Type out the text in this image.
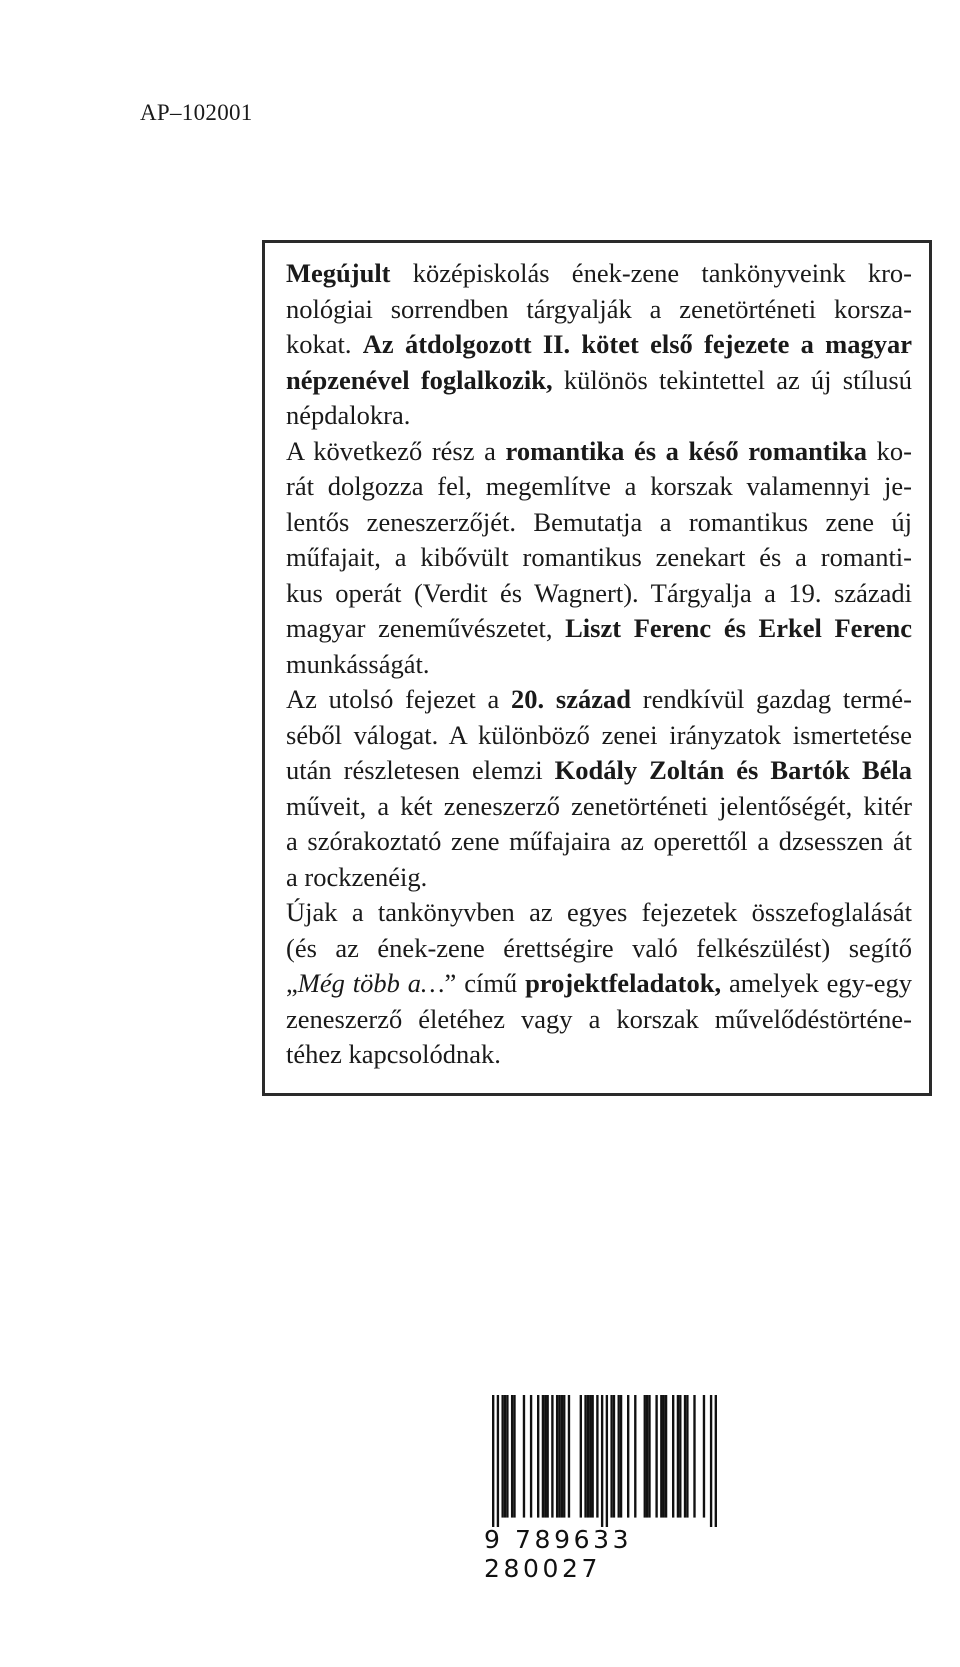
AP–102001
Megújult középiskolás ének-zene tankönyveink kro-
nológiai sorrendben tárgyalják a zenetörténeti korsza-
kokat. Az átdolgozott II. kötet első fejezete a magyar
népzenével foglalkozik, különös tekintettel az új stílusú
népdalokra.
A következő rész a romantika és a késő romantika ko-
rát dolgozza fel, megemlítve a korszak valamennyi je-
lentős zeneszerzőjét. Bemutatja a romantikus zene új
műfajait, a kibővült romantikus zenekart és a romanti-
kus operát (Verdit és Wagnert). Tárgyalja a 19. századi
magyar zeneművészetet, Liszt Ferenc és Erkel Ferenc
munkásságát.
Az utolsó fejezet a 20. század rendkívül gazdag termé-
séből válogat. A különböző zenei irányzatok ismertetése
után részletesen elemzi Kodály Zoltán és Bartók Béla
műveit, a két zeneszerző zenetörténeti jelentőségét, kitér
a szórakoztató zene műfajaira az operettől a dzsesszen át
a rockzenéig.
Újak a tankönyvben az egyes fejezetek összefoglalását
(és az ének-zene érettségire való felkészülést) segítő
„Még több a…” című projektfeladatok, amelyek egy-egy
zeneszerző életéhez vagy a korszak művelődéstörténe-
téhez kapcsolódnak.
9 789633 280027
